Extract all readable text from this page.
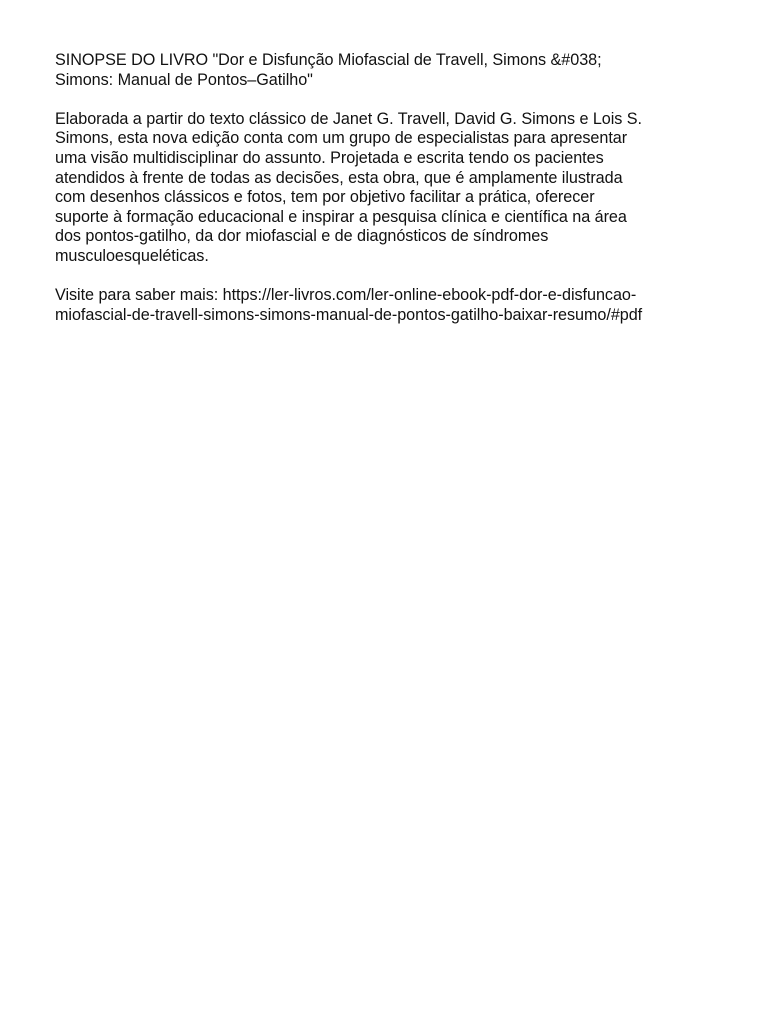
SINOPSE DO LIVRO "Dor e Disfunção Miofascial de Travell, Simons &#038;
Simons: Manual de Pontos–Gatilho"

Elaborada a partir do texto clássico de Janet G. Travell, David G. Simons e Lois S.
Simons, esta nova edição conta com um grupo de especialistas para apresentar
uma visão multidisciplinar do assunto. Projetada e escrita tendo os pacientes
atendidos à frente de todas as decisões, esta obra, que é amplamente ilustrada
com desenhos clássicos e fotos, tem por objetivo facilitar a prática, oferecer
suporte à formação educacional e inspirar a pesquisa clínica e científica na área
dos pontos-gatilho, da dor miofascial e de diagnósticos de síndromes
musculoesqueléticas.

Visite para saber mais: https://ler-livros.com/ler-online-ebook-pdf-dor-e-disfuncao-
miofascial-de-travell-simons-simons-manual-de-pontos-gatilho-baixar-resumo/#pdf
